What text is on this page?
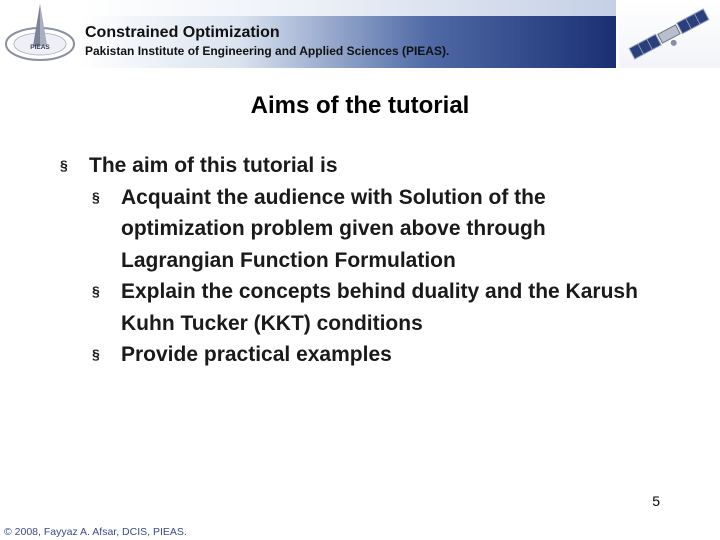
PIEAS
Constrained Optimization
Pakistan Institute of Engineering and Applied Sciences (PIEAS).
Aims of the tutorial
§ The aim of this tutorial is
§ Acquaint the audience with Solution of the optimization problem given above through Lagrangian Function Formulation
§ Explain the concepts behind duality and the Karush Kuhn Tucker (KKT) conditions
§ Provide practical examples
5
© 2008, Fayyaz A. Afsar, DCIS, PIEAS.
